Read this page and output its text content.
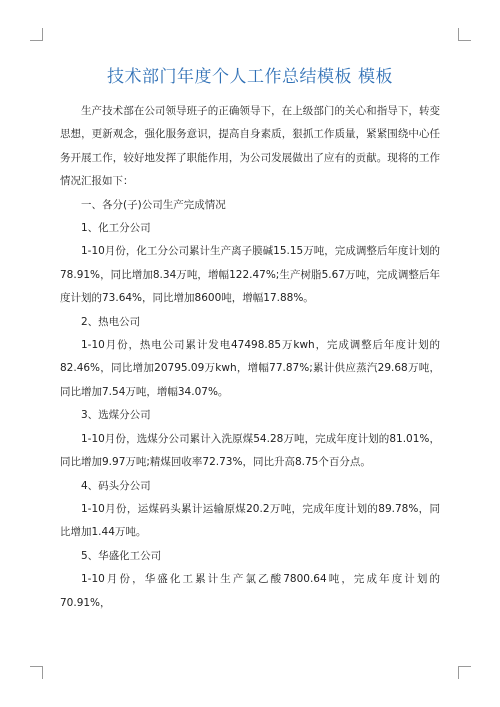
技术部门年度个人工作总结模板 模板

生产技术部在公司领导班子的正确领导下，在上级部门的关心和指导下，转变思想，更新观念，强化服务意识，提高自身素质，狠抓工作质量，紧紧围绕中心任务开展工作，较好地发挥了职能作用，为公司发展做出了应有的贡献。现将的工作情况汇报如下：

一、各分(子)公司生产完成情况

1、化工分公司

1-10月份，化工分公司累计生产离子膜碱15.15万吨，完成调整后年度计划的78.91%，同比增加8.34万吨，增幅122.47%;生产树脂5.67万吨，完成调整后年度计划的73.64%，同比增加8600吨，增幅17.88%。

2、热电公司

1-10月份，热电公司累计发电47498.85万kwh，完成调整后年度计划的82.46%，同比增加20795.09万kwh，增幅77.87%;累计供应蒸汽29.68万吨，同比增加7.54万吨，增幅34.07%。

3、选煤分公司

1-10月份，选煤分公司累计入洗原煤54.28万吨，完成年度计划的81.01%，同比增加9.97万吨;精煤回收率72.73%，同比升高8.75个百分点。

4、码头分公司

1-10月份，运煤码头累计运输原煤20.2万吨，完成年度计划的89.78%，同比增加1.44万吨。

5、华盛化工公司

1-10月份，华盛化工累计生产氯乙酸7800.64吨，完成年度计划的70.91%，
